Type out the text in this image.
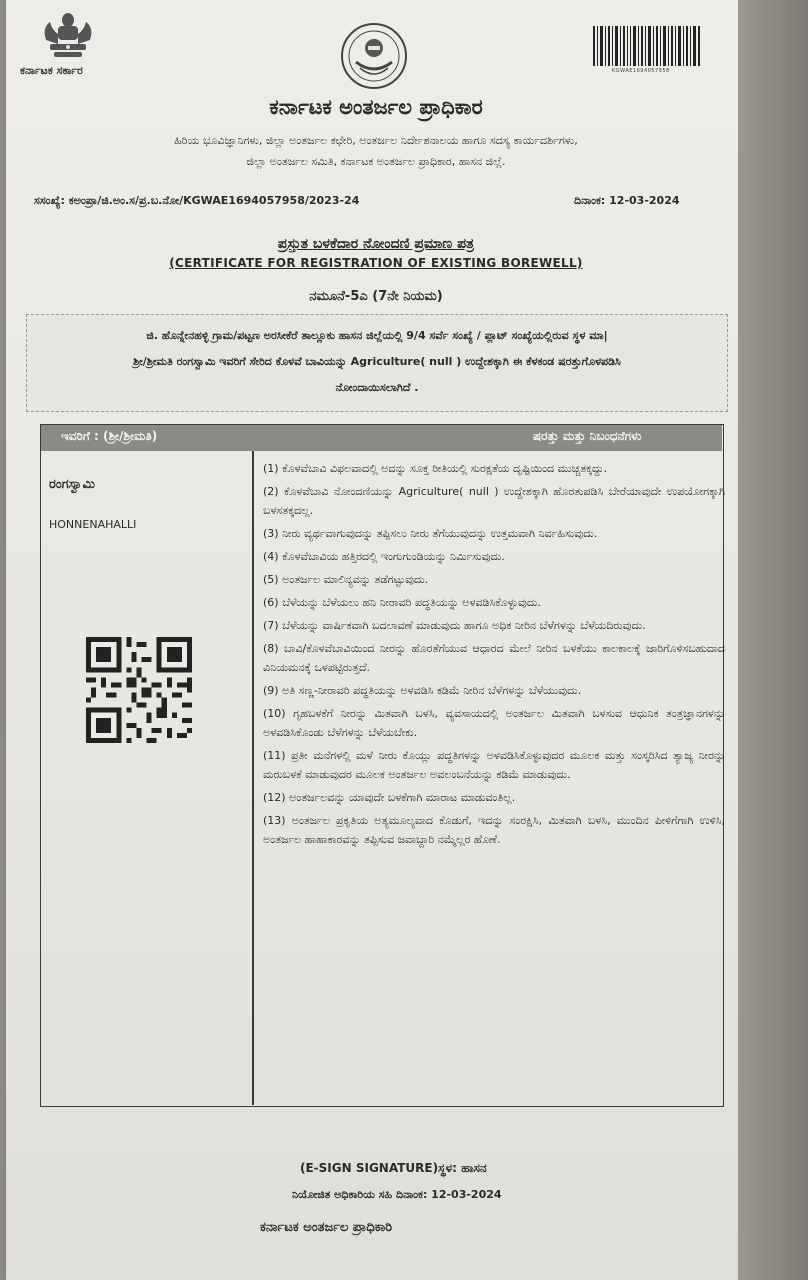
ಕರ್ನಾಟಕ ಸರ್ಕಾರ	KGWAE1694057958
ಕರ್ನಾಟಕ ಅಂತರ್ಜಲ ಪ್ರಾಧಿಕಾರ
ಹಿರಿಯ ಭೂವಿಜ್ಞಾನಿಗಳು, ಜಿಲ್ಲಾ ಅಂತರ್ಜಲ ಕಛೇರಿ, ಅಂತರ್ಜಲ ನಿರ್ದೇಶನಾಲಯ ಹಾಗೂ ಸದಸ್ಯ ಕಾರ್ಯದರ್ಶಿಗಳು,
ಜಿಲ್ಲಾ ಅಂತರ್ಜಲ ಸಮಿತಿ, ಕರ್ನಾಟಕ ಅಂತರ್ಜಲ ಪ್ರಾಧಿಕಾರ, ಹಾಸನ ಜಿಲ್ಲೆ.
ಸಸಂಖ್ಯೆ: ಕಅಂಪ್ರಾ/ಜಿ.ಅಂ.ಸ/ಪ್ರ.ಬ.ನೋ/KGWAE1694057958/2023-24	ದಿನಾಂಕ: 12-03-2024
ಪ್ರಸ್ತುತ ಬಳಕೆದಾರ ನೋಂದಣಿ ಪ್ರಮಾಣ ಪತ್ರ
(CERTIFICATE FOR REGISTRATION OF EXISTING BOREWELL)
ನಮೂನೆ-5ಎ (7ನೇ ನಿಯಮ)
ಜಿ. ಹೊನ್ನೇನಹಳ್ಳಿ ಗ್ರಾಮ/ಪಟ್ಟಣ ಅರಸೀಕೆರೆ ತಾಲ್ಲೂಕು ಹಾಸನ ಜಿಲ್ಲೆಯಲ್ಲಿ 9/4 ಸರ್ವೆ ಸಂಖ್ಯೆ / ಪ್ಲಾಟ್ ಸಂಖ್ಯೆಯಲ್ಲಿರುವ ಸ್ಥಳ ಮಾ|
ಶ್ರೀ/ಶ್ರೀಮತಿ ರಂಗಸ್ವಾಮಿ ಇವರಿಗೆ ಸೇರಿದ ಕೊಳವೆ ಬಾವಿಯನ್ನು Agriculture( null ) ಉದ್ದೇಶಕ್ಕಾಗಿ ಈ ಕೆಳಕಂಡ ಷರತ್ತುಗೊಳಪಡಿಸಿ
ನೋಂದಾಯಿಸಲಾಗಿದೆ .
ಇವರಿಗೆ : (ಶ್ರೀ/ಶ್ರೀಮತಿ)	ಷರತ್ತು ಮತ್ತು ನಿಬಂಧನೆಗಳು
ರಂಗಸ್ವಾಮಿ
HONNENAHALLI
(1) ಕೊಳವೆಬಾವಿ ವಿಫಲವಾದಲ್ಲಿ ಅದನ್ನು ಸೂಕ್ತ ರೀತಿಯಲ್ಲಿ ಸುರಕ್ಷತೆಯ ದೃಷ್ಟಿಯಿಂದ ಮುಚ್ಚತಕ್ಕದ್ದು.
(2) ಕೊಳವೆಬಾವಿ ನೋಂದಣಿಯನ್ನು Agriculture( null ) ಉದ್ದೇಶಕ್ಕಾಗಿ ಹೊರತುಪಡಿಸಿ ಬೇರೆಯಾವುದೇ ಉಪಯೋಗಕ್ಕಾಗಿ ಬಳಸತಕ್ಕದಲ್ಲ.
(3) ನೀರು ವ್ಯರ್ಥವಾಗುವುದನ್ನು ತಪ್ಪಿಸಲು ನೀರು ತೆಗೆಯುವುದನ್ನು ಉತ್ತಮವಾಗಿ ನಿರ್ವಹಿಸುವುದು.
(4) ಕೊಳವೆಬಾವಿಯ ಹತ್ತಿರದಲ್ಲಿ ಇಂಗುಗುಂಡಿಯನ್ನು ನಿರ್ಮಿಸುವುದು.
(5) ಅಂತರ್ಜಲ ಮಾಲಿನ್ಯವನ್ನು ತಡೆಗಟ್ಟುವುದು.
(6) ಬೆಳೆಯನ್ನು ಬೆಳೆಯಲು ಹನಿ ನೀರಾವರಿ ಪದ್ಧತಿಯನ್ನು ಅಳವಡಿಸಿಕೊಳ್ಳುವುದು.
(7) ಬೆಳೆಯನ್ನು ವಾರ್ಷಿಕವಾಗಿ ಬದಲಾವಣೆ ಮಾಡುವುದು ಹಾಗೂ ಅಧಿಕ ನೀರಿನ ಬೆಳೆಗಳನ್ನು ಬೆಳೆಯದಿರುವುದು.
(8) ಬಾವಿ/ಕೊಳವೆಬಾವಿಯಿಂದ ನೀರನ್ನು ಹೊರತೆಗೆಯುವ ಆಧಾರದ ಮೇಲೆ ನೀರಿನ ಬಳಕೆಯು ಕಾಲಕಾಲಕ್ಕೆ ಜಾರಿಗೊಳಿಸಬಹುದಾದ ವಿನಿಯಮನಕ್ಕೆ ಒಳಪಟ್ಟಿರುತ್ತದೆ.
(9) ಅತಿ ಸಣ್ಣ-ನೀರಾವರಿ ಪದ್ಧತಿಯನ್ನು ಅಳವಡಿಸಿ ಕಡಿಮೆ ನೀರಿನ ಬೆಳೆಗಳನ್ನು ಬೆಳೆಯುವುದು.
(10) ಗೃಹಬಳಕೆಗೆ ನೀರನ್ನು ಮಿತವಾಗಿ ಬಳಸಿ, ವ್ಯವಸಾಯದಲ್ಲಿ ಅಂತರ್ಜಲ ಮಿತವಾಗಿ ಬಳಸುವ ಆಧುನಿಕ ತಂತ್ರಜ್ಞಾನಗಳನ್ನು ಅಳವಡಿಸಿಕೊಂಡು ಬೆಳೆಗಳನ್ನು ಬೆಳೆಯಬೇಕು.
(11) ಪ್ರತೀ ಮನೆಗಳಲ್ಲಿ ಮಳೆ ನೀರು ಕೊಯ್ಲು ಪದ್ಧತಿಗಳನ್ನು ಅಳವಡಿಸಿಕೊಳ್ಳುವುದರ ಮೂಲಕ ಮತ್ತು ಸಂಸ್ಕರಿಸಿದ ತ್ಯಾಜ್ಯ ನೀರನ್ನು ಮರುಬಳಕೆ ಮಾಡುವುದರ ಮೂಲಕ ಅಂತರ್ಜಲ ಅವಲಂಬನೆಯನ್ನು ಕಡಿಮೆ ಮಾಡುವುದು.
(12) ಅಂತರ್ಜಲವನ್ನು ಯಾವುದೇ ಬಳಕೆಗಾಗಿ ಮಾರಾಟ ಮಾಡುವಂತಿಲ್ಲ.
(13) ಅಂತರ್ಜಲ ಪ್ರಕೃತಿಯ ಅತ್ಯಮೂಲ್ಯವಾದ ಕೊಡುಗೆ, ಇದನ್ನು ಸಂರಕ್ಷಿಸಿ, ಮಿತವಾಗಿ ಬಳಸಿ, ಮುಂದಿನ ಪೀಳಿಗೆಗಾಗಿ ಉಳಿಸಿ, ಅಂತರ್ಜಲ ಹಾಹಾಕಾರವನ್ನು ತಪ್ಪಿಸುವ ಜವಾಬ್ದಾರಿ ನಮ್ಮೆಲ್ಲರ ಹೊಣೆ.
(E-SIGN SIGNATURE)ಸ್ಥಳ: ಹಾಸನ
ನಿಯೋಜಿತ ಅಧಿಕಾರಿಯ ಸಹಿ ದಿನಾಂಕ: 12-03-2024
ಕರ್ನಾಟಕ ಅಂತರ್ಜಲ ಪ್ರಾಧಿಕಾರಿ
